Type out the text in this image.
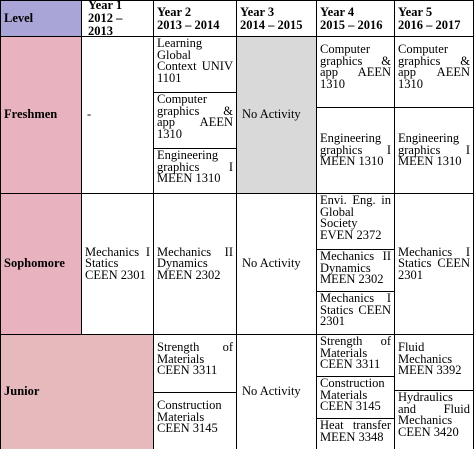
Level
Year 1
2012 – 2013
Year 2
2013 – 2014
Year 3
2014 – 2015
Year 4
2015 – 2016
Year 5
2016 – 2017
Freshmen	-
Learning Global Context UNIV 1101
Computer graphics & app AEEN 1310
Engineering graphics I MEEN 1310
No Activity
Computer graphics & app AEEN 1310
Engineering graphics I MEEN 1310
Computer graphics & app AEEN 1310
Engineering graphics I MEEN 1310
Sophomore
Mechanics I Statics CEEN 2301
Mechanics II Dynamics MEEN 2302
No Activity
Envi. Eng. in Global Society EVEN 2372
Mechanics II Dynamics MEEN 2302
Mechanics I Statics CEEN 2301
Mechanics I Statics CEEN 2301
Junior
Strength of Materials CEEN 3311
Construction Materials CEEN 3145
No Activity
Strength of Materials CEEN 3311
Construction Materials CEEN 3145
Heat transfer MEEN 3348
Fluid Mechanics MEEN 3392
Hydraulics and Fluid Mechanics CEEN 3420
